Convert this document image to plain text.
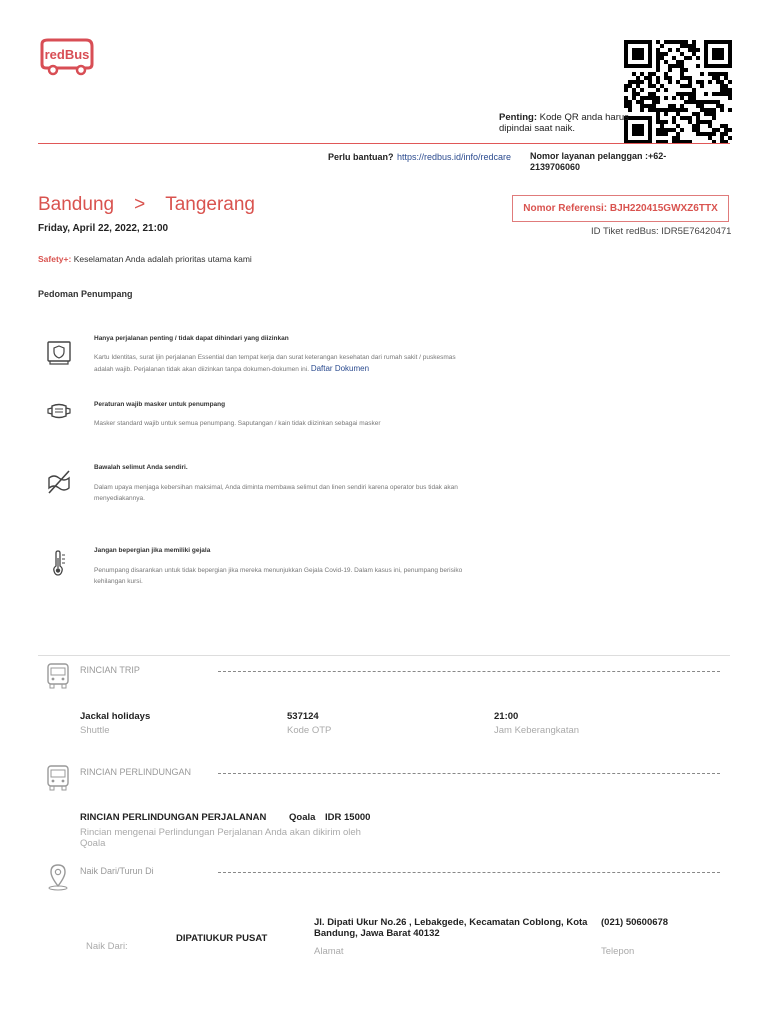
redBus
Penting: Kode QR anda harus dipindai saat naik.
Perlu bantuan? https://redbus.id/info/redcare Nomor layanan pelanggan :+62-2139706060
Bandung > Tangerang	Nomor Referensi: BJH220415GWXZ6TTX
Friday, April 22, 2022, 21:00	ID Tiket redBus: IDR5E76420471
Safety+: Keselamatan Anda adalah prioritas utama kami
Pedoman Penumpang
Hanya perjalanan penting / tidak dapat dihindari yang diizinkan
Kartu Identitas, surat ijin perjalanan Essential dan tempat kerja dan surat keterangan kesehatan dari rumah sakit / puskesmas adalah wajib. Perjalanan tidak akan diizinkan tanpa dokumen-dokumen ini. Daftar Dokumen
Peraturan wajib masker untuk penumpang
Masker standard wajib untuk semua penumpang. Saputangan / kain tidak diizinkan sebagai masker
Bawalah selimut Anda sendiri.
Dalam upaya menjaga kebersihan maksimal, Anda diminta membawa selimut dan linen sendiri karena operator bus tidak akan menyediakannya.
Jangan bepergian jika memiliki gejala
Penumpang disarankan untuk tidak bepergian jika mereka menunjukkan Gejala Covid-19. Dalam kasus ini, penumpang berisiko kehilangan kursi.
RINCIAN TRIP
Jackal holidays
Shuttle
537124
Kode OTP
21:00
Jam Keberangkatan
RINCIAN PERLINDUNGAN
RINCIAN PERLINDUNGAN PERJALANAN Qoala IDR 15000
Rincian mengenai Perlindungan Perjalanan Anda akan dikirim oleh Qoala
Naik Dari/Turun Di
Naik Dari:
DIPATIUKUR PUSAT
Jl. Dipati Ukur No.26 , Lebakgede, Kecamatan Coblong, Kota Bandung, Jawa Barat 40132
Alamat
(021) 50600678
Telepon
